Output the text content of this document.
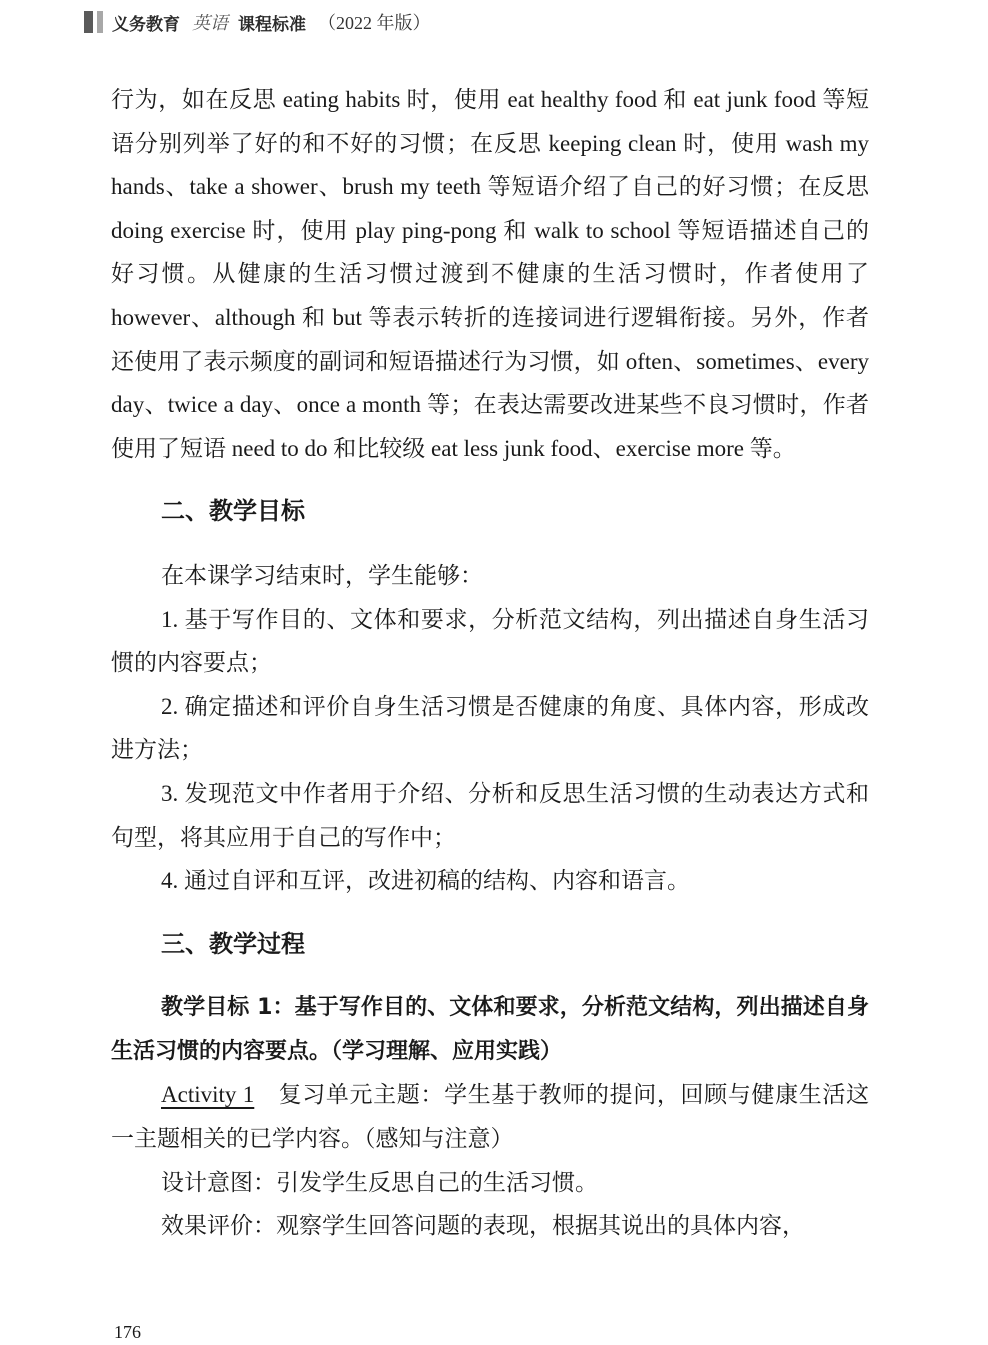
义务教育 英语 课程标准 （2022 年版）

行为，如在反思 eating habits 时，使用 eat healthy food 和 eat junk food 等短语分别列举了好的和不好的习惯；在反思 keeping clean 时，使用 wash my hands、take a shower、brush my teeth 等短语介绍了自己的好习惯；在反思 doing exercise 时，使用 play ping-pong 和 walk to school 等短语描述自己的好习惯。从健康的生活习惯过渡到不健康的生活习惯时，作者使用了 however、although 和 but 等表示转折的连接词进行逻辑衔接。另外，作者还使用了表示频度的副词和短语描述行为习惯，如 often、sometimes、every day、twice a day、once a month 等；在表达需要改进某些不良习惯时，作者使用了短语 need to do 和比较级 eat less junk food、exercise more 等。

二、教学目标

在本课学习结束时，学生能够：

1. 基于写作目的、文体和要求，分析范文结构，列出描述自身生活习惯的内容要点；

2. 确定描述和评价自身生活习惯是否健康的角度、具体内容，形成改进方法；

3. 发现范文中作者用于介绍、分析和反思生活习惯的生动表达方式和句型，将其应用于自己的写作中；

4. 通过自评和互评，改进初稿的结构、内容和语言。

三、教学过程

教学目标 1：基于写作目的、文体和要求，分析范文结构，列出描述自身生活习惯的内容要点。（学习理解、应用实践）

Activity 1　复习单元主题：学生基于教师的提问，回顾与健康生活这一主题相关的已学内容。（感知与注意）

设计意图：引发学生反思自己的生活习惯。

效果评价：观察学生回答问题的表现，根据其说出的具体内容，

176
